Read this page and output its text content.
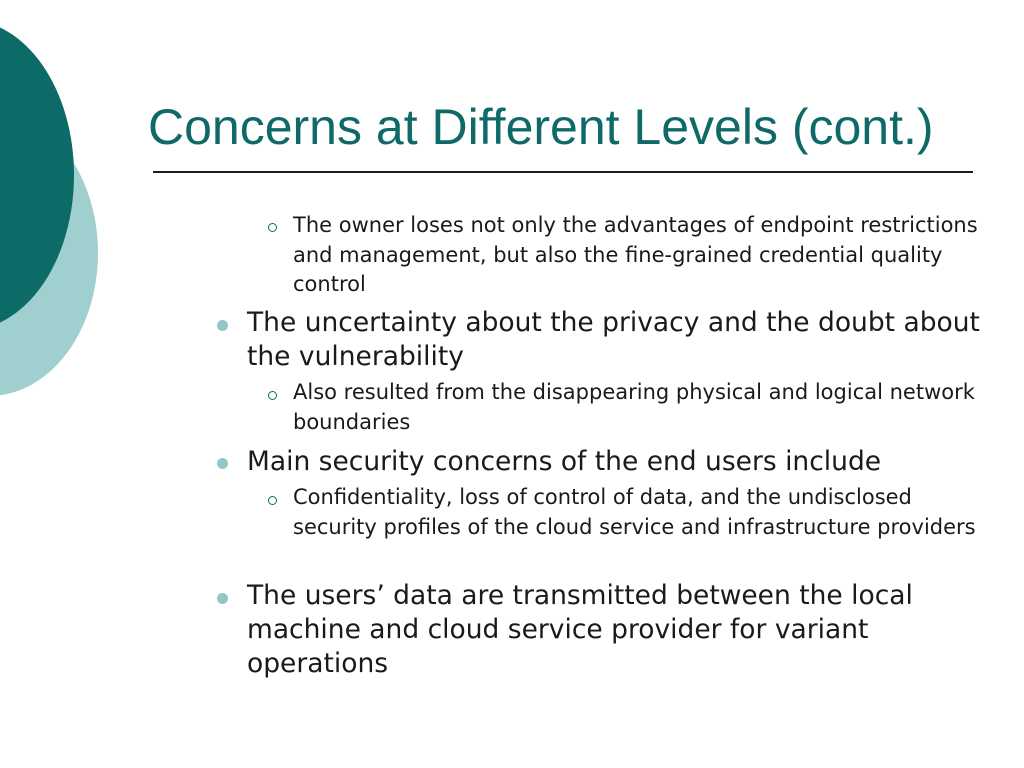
Concerns at Different Levels (cont.)
The owner loses not only the advantages of endpoint restrictions and management, but also the fine-grained credential quality control
The uncertainty about the privacy and the doubt about the vulnerability
Also resulted from the disappearing physical and logical network boundaries
Main security concerns of the end users include
Confidentiality, loss of control of data, and the undisclosed security profiles of the cloud service and infrastructure providers
The users’ data are transmitted between the local machine and cloud service provider for variant operations
